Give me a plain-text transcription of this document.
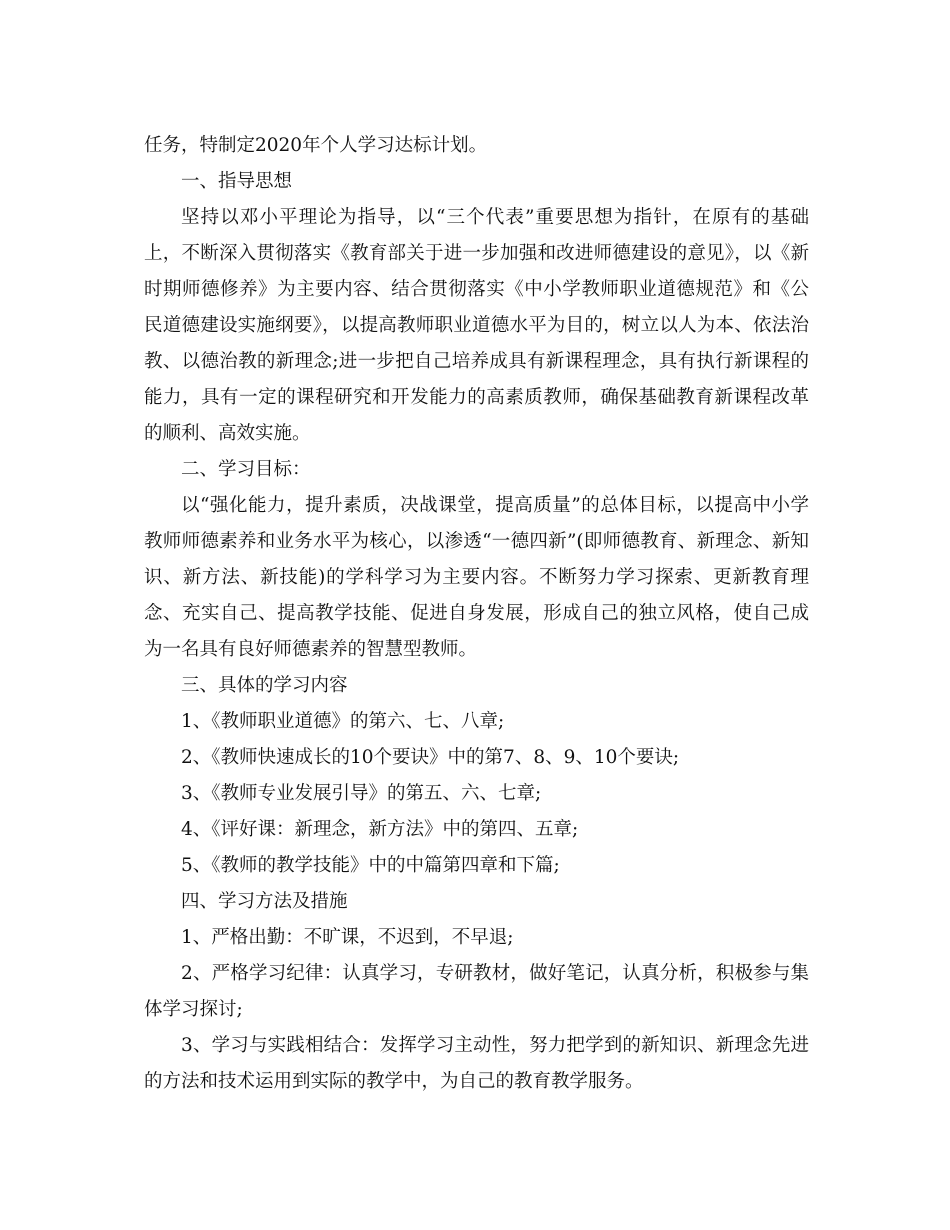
任务，特制定2020年个人学习达标计划。

一、指导思想

坚持以邓小平理论为指导，以“三个代表”重要思想为指针，在原有的基础上，不断深入贯彻落实《教育部关于进一步加强和改进师德建设的意见》，以《新时期师德修养》为主要内容、结合贯彻落实《中小学教师职业道德规范》和《公民道德建设实施纲要》，以提高教师职业道德水平为目的，树立以人为本、依法治教、以德治教的新理念;进一步把自己培养成具有新课程理念，具有执行新课程的能力，具有一定的课程研究和开发能力的高素质教师，确保基础教育新课程改革的顺利、高效实施。

二、学习目标：

以“强化能力，提升素质，决战课堂，提高质量”的总体目标，以提高中小学教师师德素养和业务水平为核心，以渗透“一德四新”(即师德教育、新理念、新知识、新方法、新技能)的学科学习为主要内容。不断努力学习探索、更新教育理念、充实自己、提高教学技能、促进自身发展，形成自己的独立风格，使自己成为一名具有良好师德素养的智慧型教师。

三、具体的学习内容

1、《教师职业道德》的第六、七、八章;

2、《教师快速成长的10个要诀》中的第7、8、9、10个要诀;

3、《教师专业发展引导》的第五、六、七章;

4、《评好课：新理念，新方法》中的第四、五章;

5、《教师的教学技能》中的中篇第四章和下篇;

四、学习方法及措施

1、严格出勤：不旷课，不迟到，不早退;

2、严格学习纪律：认真学习，专研教材，做好笔记，认真分析，积极参与集体学习探讨;

3、学习与实践相结合：发挥学习主动性，努力把学到的新知识、新理念先进的方法和技术运用到实际的教学中，为自己的教育教学服务。
